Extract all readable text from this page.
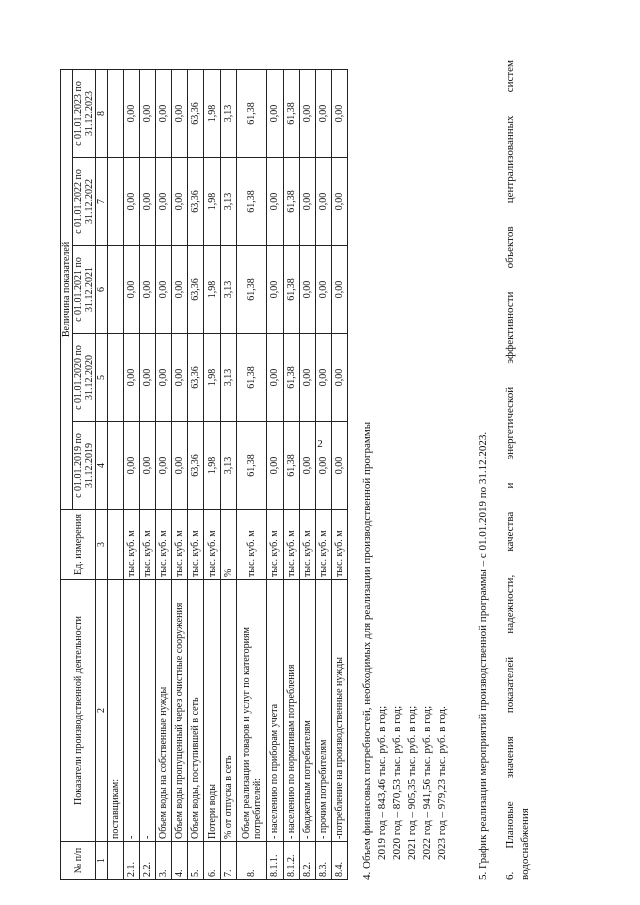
2
№ п/п	Показатели производственной деятельности	Ед. измерения	Величина показателей				
			с 01.01.2019 по 31.12.2019	с 01.01.2020 по 31.12.2020	с 01.01.2021 по 31.12.2021	с 01.01.2022 по 31.12.2022	с 01.01.2023 по 31.12.2023
1	2	3	4	5	6	7	8
	поставщикам:						
2.1.	-	тыс. куб. м	0,00	0,00	0,00	0,00	0,00
2.2.	-	тыс. куб. м	0,00	0,00	0,00	0,00	0,00
3.	Объем воды на собственные нужды	тыс. куб. м	0,00	0,00	0,00	0,00	0,00
4.	Объем воды пропущенный через очистные сооружения	тыс. куб. м	0,00	0,00	0,00	0,00	0,00
5.	Объем воды, поступившей в сеть	тыс. куб. м	63,36	63,36	63,36	63,36	63,36
6.	Потери воды	тыс. куб. м	1,98	1,98	1,98	1,98	1,98
7.	% от отпуска в сеть	%	3,13	3,13	3,13	3,13	3,13
8.	Объем реализации товаров и услуг по категориям потребителей:	тыс. куб. м	61,38	61,38	61,38	61,38	61,38
8.1.1.	- населению по приборам учета	тыс. куб. м	0,00	0,00	0,00	0,00	0,00
8.1.2.	- населению по нормативам потребления	тыс. куб. м	61,38	61,38	61,38	61,38	61,38
8.2.	- бюджетным потребителям	тыс. куб. м	0,00	0,00	0,00	0,00	0,00
8.3.	- прочим потребителям	тыс. куб. м	0,00	0,00	0,00	0,00	0,00
8.4.	-потребление на производственные нужды	тыс. куб. м	0,00	0,00	0,00	0,00	0,00

4. Объем финансовых потребностей, необходимых для реализации производственной программы 2019 год – 843,46 тыс. руб. в год; 2020 год – 870,53 тыс. руб. в год; 2021 год – 905,35 тыс. руб. в год; 2022 год – 941,56 тыс. руб. в год; 2023 год – 979,23 тыс. руб. в год.	5. График реализации мероприятий производственной программы – с 01.01.2019 по 31.12.2023. 6. Плановые значения показателей надежности, качества и энергетической эффективности объектов централизованных систем водоснабжения
